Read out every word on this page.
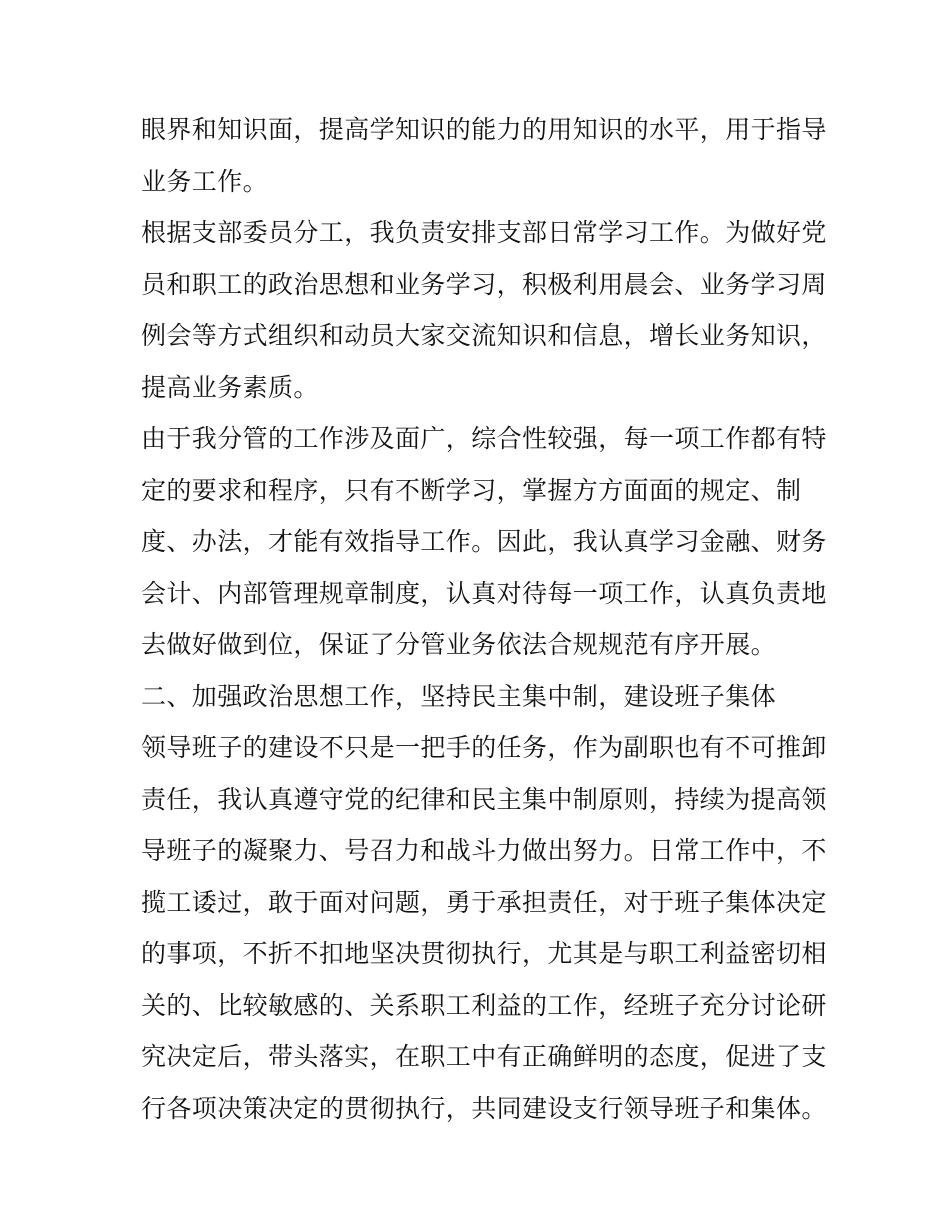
眼界和知识面，提高学知识的能力的用知识的水平，用于指导
业务工作。
根据支部委员分工，我负责安排支部日常学习工作。为做好党
员和职工的政治思想和业务学习，积极利用晨会、业务学习周
例会等方式组织和动员大家交流知识和信息，增长业务知识，
提高业务素质。
由于我分管的工作涉及面广，综合性较强，每一项工作都有特
定的要求和程序，只有不断学习，掌握方方面面的规定、制
度、办法，才能有效指导工作。因此，我认真学习金融、财务
会计、内部管理规章制度，认真对待每一项工作，认真负责地
去做好做到位，保证了分管业务依法合规规范有序开展。
二、加强政治思想工作，坚持民主集中制，建设班子集体
领导班子的建设不只是一把手的任务，作为副职也有不可推卸
责任，我认真遵守党的纪律和民主集中制原则，持续为提高领
导班子的凝聚力、号召力和战斗力做出努力。日常工作中，不
揽工诿过，敢于面对问题，勇于承担责任，对于班子集体决定
的事项，不折不扣地坚决贯彻执行，尤其是与职工利益密切相
关的、比较敏感的、关系职工利益的工作，经班子充分讨论研
究决定后，带头落实，在职工中有正确鲜明的态度，促进了支
行各项决策决定的贯彻执行，共同建设支行领导班子和集体。
